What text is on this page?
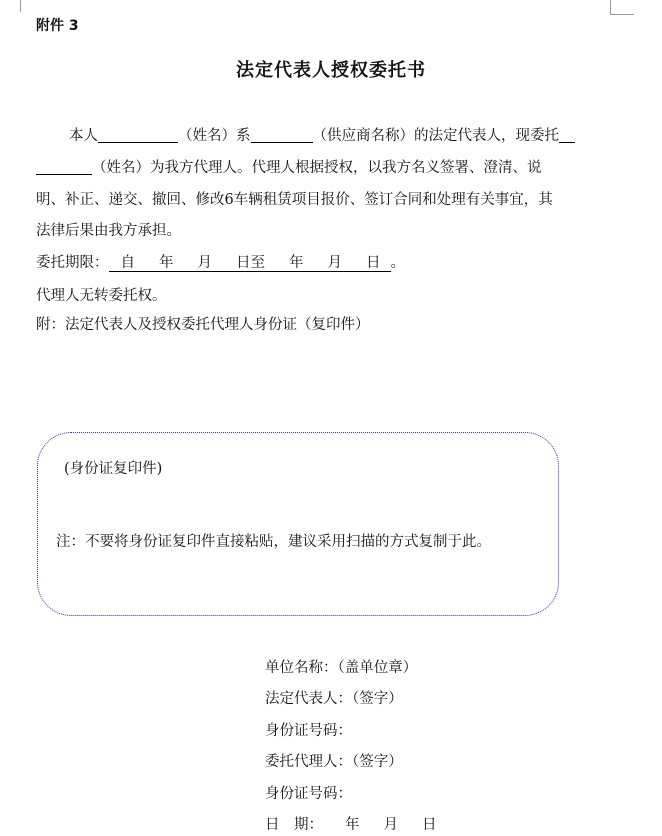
附件 3
法定代表人授权委托书
本人	（姓名）系	（供应商名称）的法定代表人，现委托
（姓名）为我方代理人。代理人根据授权，以我方名义签署、澄清、说
明、补正、递交、撤回、修改6车辆租赁项目报价、签订合同和处理有关事宜，其
法律后果由我方承担。
委托期限： 自 年 月 日至 年 月 日 。
代理人无转委托权。
附：法定代表人及授权委托代理人身份证（复印件）
(身份证复印件)
注：不要将身份证复印件直接粘贴，建议采用扫描的方式复制于此。
单位名称：（盖单位章）
法定代表人：（签字）
身份证号码：
委托代理人：（签字）
身份证号码：
日　期： 年 月 日
